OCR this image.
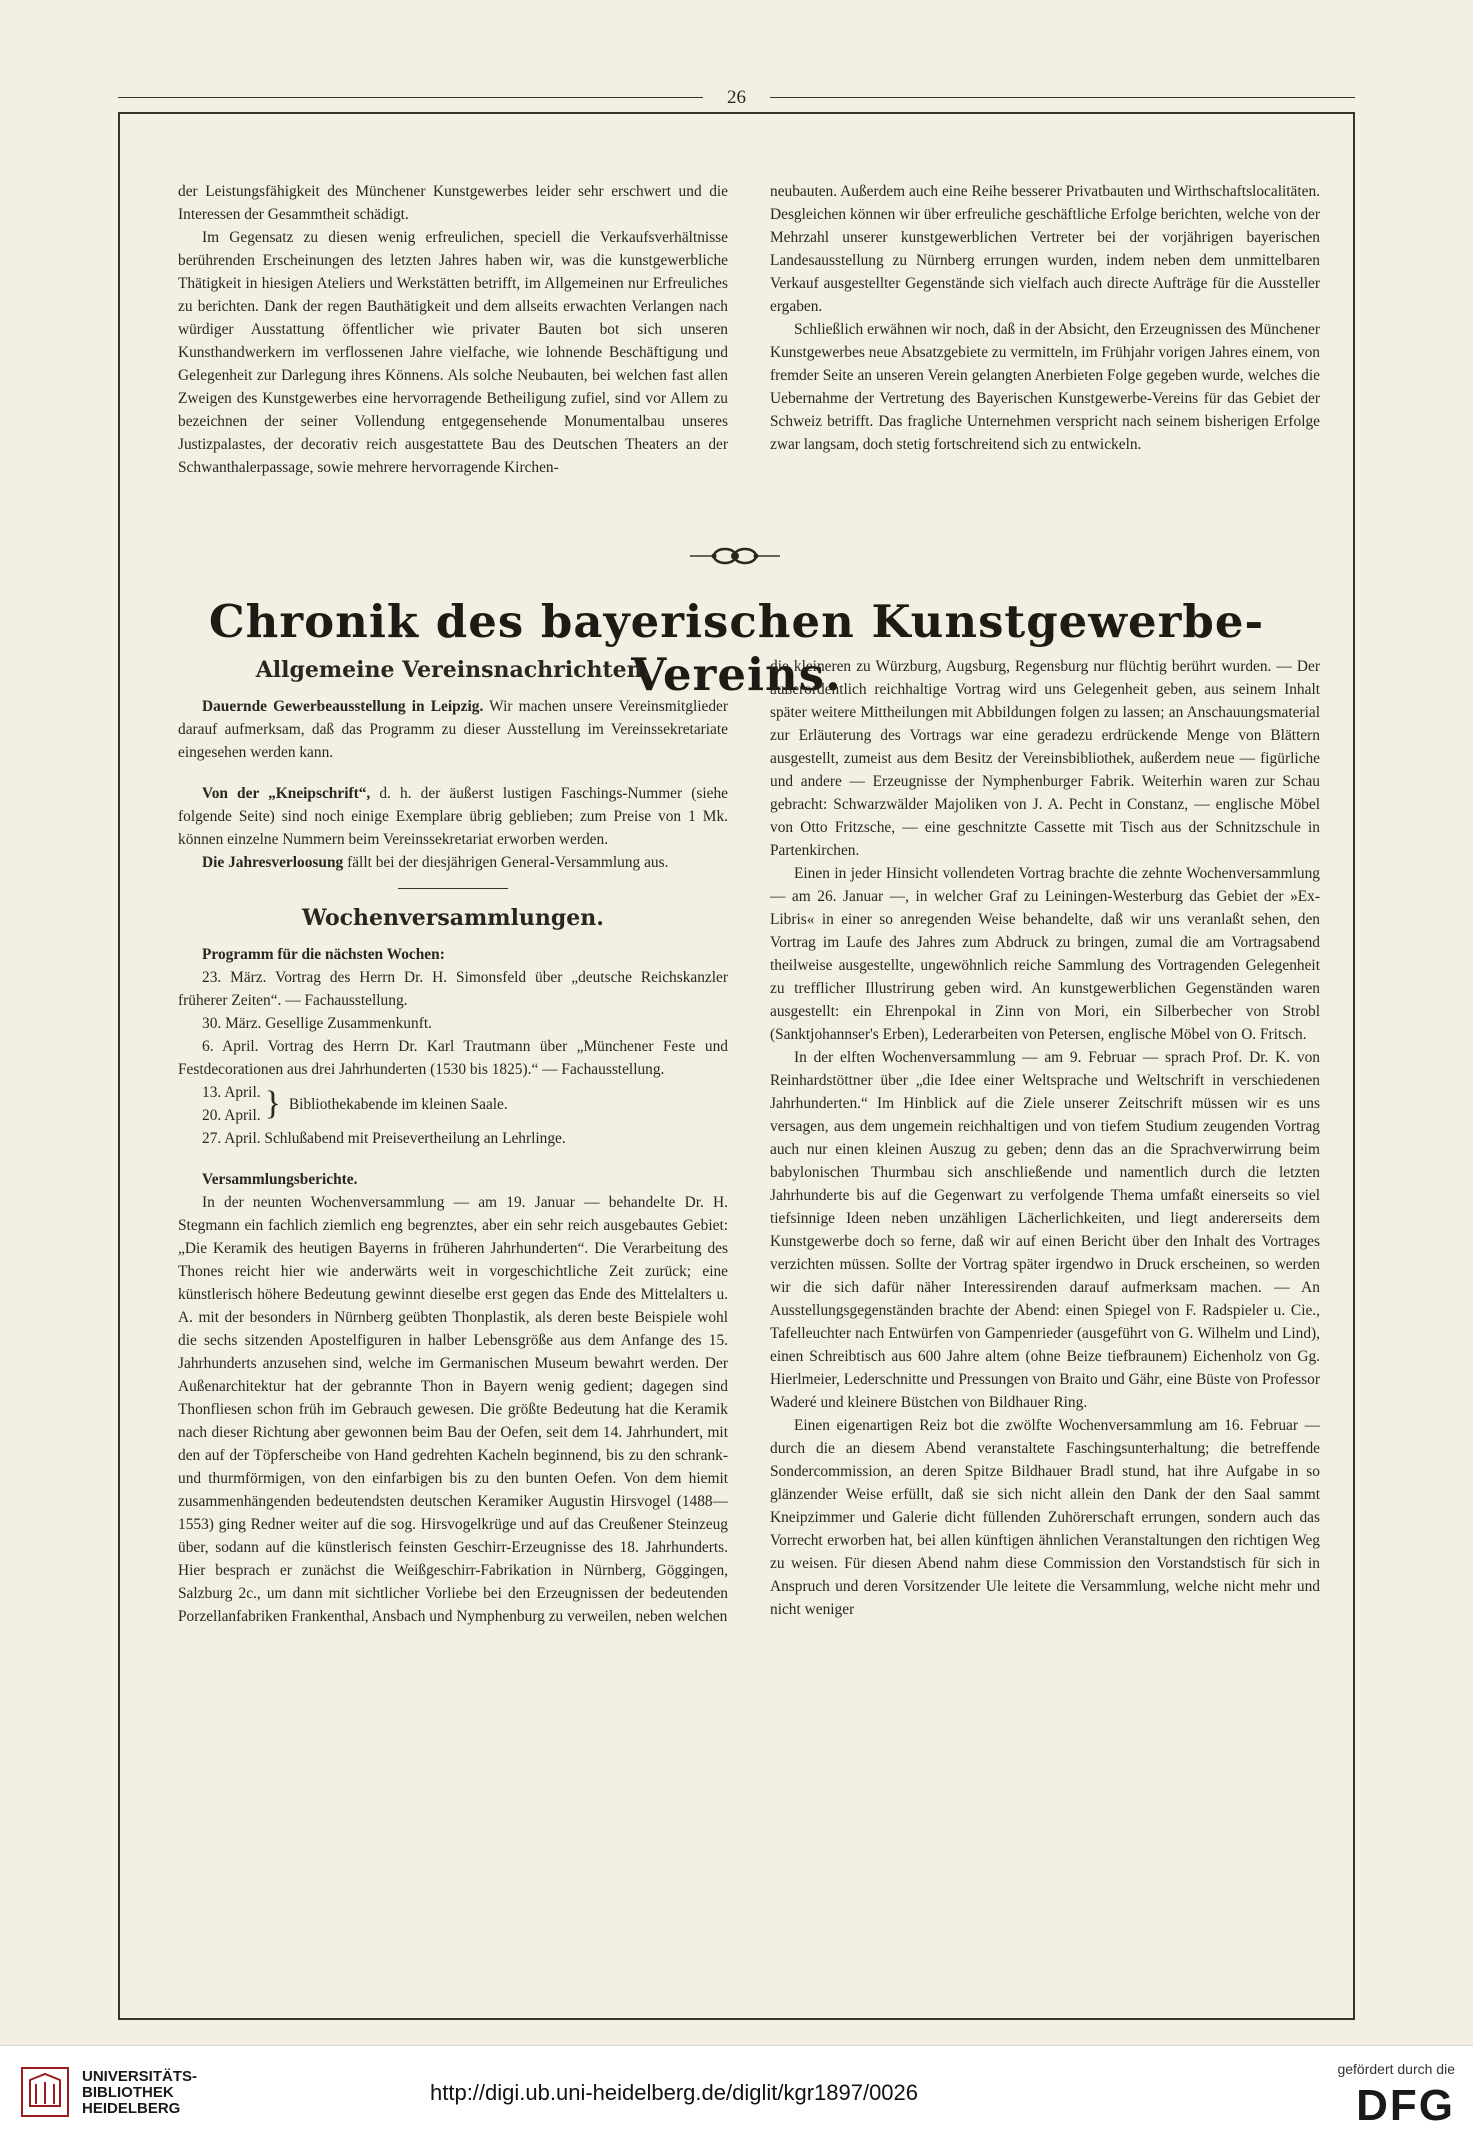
26

der Leistungsfähigkeit des Münchener Kunstgewerbes leider sehr erschwert und die Interessen der Gesammtheit schädigt.

Im Gegensatz zu diesen wenig erfreulichen, speciell die Verkaufsverhältnisse berührenden Erscheinungen des letzten Jahres haben wir, was die kunstgewerbliche Thätigkeit in hiesigen Ateliers und Werkstätten betrifft, im Allgemeinen nur Erfreuliches zu berichten. Dank der regen Bauthätigkeit und dem allseits erwachten Verlangen nach würdiger Ausstattung öffentlicher wie privater Bauten bot sich unseren Kunsthandwerkern im verflossenen Jahre vielfache, wie lohnende Beschäftigung und Gelegenheit zur Darlegung ihres Könnens. Als solche Neubauten, bei welchen fast allen Zweigen des Kunstgewerbes eine hervorragende Betheiligung zufiel, sind vor Allem zu bezeichnen der seiner Vollendung entgegensehende Monumentalbau unseres Justizpalastes, der decorativ reich ausgestattete Bau des Deutschen Theaters an der Schwanthalerpassage, sowie mehrere hervorragende Kirchen-

neubauten. Außerdem auch eine Reihe besserer Privatbauten und Wirthschaftslocalitäten. Desgleichen können wir über erfreuliche geschäftliche Erfolge berichten, welche von der Mehrzahl unserer kunstgewerblichen Vertreter bei der vorjährigen bayerischen Landesausstellung zu Nürnberg errungen wurden, indem neben dem unmittelbaren Verkauf ausgestellter Gegenstände sich vielfach auch directe Aufträge für die Aussteller ergaben.

Schließlich erwähnen wir noch, daß in der Absicht, den Erzeugnissen des Münchener Kunstgewerbes neue Absatzgebiete zu vermitteln, im Frühjahr vorigen Jahres einem, von fremder Seite an unseren Verein gelangten Anerbieten Folge gegeben wurde, welches die Uebernahme der Vertretung des Bayerischen Kunstgewerbe-Vereins für das Gebiet der Schweiz betrifft. Das fragliche Unternehmen verspricht nach seinem bisherigen Erfolge zwar langsam, doch stetig fortschreitend sich zu entwickeln.

Chronik des bayerischen Kunstgewerbe-Vereins.
Allgemeine Vereinsnachrichten.

Dauernde Gewerbeausstellung in Leipzig. Wir machen unsere Vereinsmitglieder darauf aufmerksam, daß das Programm zu dieser Ausstellung im Vereinssekretariate eingesehen werden kann.

Von der „Kneipschrift“, d. h. der äußerst lustigen Faschings-Nummer (siehe folgende Seite) sind noch einige Exemplare übrig geblieben; zum Preise von 1 Mk. können einzelne Nummern beim Vereinssekretariat erworben werden.

Die Jahresverloosung fällt bei der diesjährigen General-Versammlung aus.

Wochenversammlungen.

Programm für die nächsten Wochen:

23. März. Vortrag des Herrn Dr. H. Simonsfeld über „deutsche Reichskanzler früherer Zeiten“. — Fachausstellung.

30. März. Gesellige Zusammenkunft.

6. April. Vortrag des Herrn Dr. Karl Trautmann über „Münchener Feste und Festdecorationen aus drei Jahrhunderten (1530 bis 1825).“ — Fachausstellung.

13. April.
20. April. } Bibliothekabende im kleinen Saale.

27. April. Schlußabend mit Preisevertheilung an Lehrlinge.

Versammlungsberichte.

In der neunten Wochenversammlung — am 19. Januar — behandelte Dr. H. Stegmann ein fachlich ziemlich eng begrenztes, aber ein sehr reich ausgebautes Gebiet: „Die Keramik des heutigen Bayerns in früheren Jahrhunderten“. Die Verarbeitung des Thones reicht hier wie anderwärts weit in vorgeschichtliche Zeit zurück; eine künstlerisch höhere Bedeutung gewinnt dieselbe erst gegen das Ende des Mittelalters u. A. mit der besonders in Nürnberg geübten Thonplastik, als deren beste Beispiele wohl die sechs sitzenden Apostelfiguren in halber Lebensgröße aus dem Anfange des 15. Jahrhunderts anzusehen sind, welche im Germanischen Museum bewahrt werden. Der Außenarchitektur hat der gebrannte Thon in Bayern wenig gedient; dagegen sind Thonfliesen schon früh im Gebrauch gewesen. Die größte Bedeutung hat die Keramik nach dieser Richtung aber gewonnen beim Bau der Oefen, seit dem 14. Jahrhundert, mit den auf der Töpferscheibe von Hand gedrehten Kacheln beginnend, bis zu den schrank- und thurmförmigen, von den einfarbigen bis zu den bunten Oefen. Von dem hiemit zusammenhängenden bedeutendsten deutschen Keramiker Augustin Hirsvogel (1488—1553) ging Redner weiter auf die sog. Hirsvogelkrüge und auf das Creußener Steinzeug über, sodann auf die künstlerisch feinsten Geschirr-Erzeugnisse des 18. Jahrhunderts. Hier besprach er zunächst die Weißgeschirr-Fabrikation in Nürnberg, Göggingen, Salzburg 2c., um dann mit sichtlicher Vorliebe bei den Erzeugnissen der bedeutenden Porzellanfabriken Frankenthal, Ansbach und Nymphenburg zu verweilen, neben welchen

die kleineren zu Würzburg, Augsburg, Regensburg nur flüchtig berührt wurden. — Der außerordentlich reichhaltige Vortrag wird uns Gelegenheit geben, aus seinem Inhalt später weitere Mittheilungen mit Abbildungen folgen zu lassen; an Anschauungsmaterial zur Erläuterung des Vortrags war eine geradezu erdrückende Menge von Blättern ausgestellt, zumeist aus dem Besitz der Vereinsbibliothek, außerdem neue — figürliche und andere — Erzeugnisse der Nymphenburger Fabrik. Weiterhin waren zur Schau gebracht: Schwarzwälder Majoliken von J. A. Pecht in Constanz, — englische Möbel von Otto Fritzsche, — eine geschnitzte Cassette mit Tisch aus der Schnitzschule in Partenkirchen.

Einen in jeder Hinsicht vollendeten Vortrag brachte die zehnte Wochenversammlung — am 26. Januar —, in welcher Graf zu Leiningen-Westerburg das Gebiet der »Ex-Libris« in einer so anregenden Weise behandelte, daß wir uns veranlaßt sehen, den Vortrag im Laufe des Jahres zum Abdruck zu bringen, zumal die am Vortragsabend theilweise ausgestellte, ungewöhnlich reiche Sammlung des Vortragenden Gelegenheit zu trefflicher Illustrirung geben wird. An kunstgewerblichen Gegenständen waren ausgestellt: ein Ehrenpokal in Zinn von Mori, ein Silberbecher von Strobl (Sanktjohannser's Erben), Lederarbeiten von Petersen, englische Möbel von O. Fritsch.

In der elften Wochenversammlung — am 9. Februar — sprach Prof. Dr. K. von Reinhardstöttner über „die Idee einer Weltsprache und Weltschrift in verschiedenen Jahrhunderten.“ Im Hinblick auf die Ziele unserer Zeitschrift müssen wir es uns versagen, aus dem ungemein reichhaltigen und von tiefem Studium zeugenden Vortrag auch nur einen kleinen Auszug zu geben; denn das an die Sprachverwirrung beim babylonischen Thurmbau sich anschließende und namentlich durch die letzten Jahrhunderte bis auf die Gegenwart zu verfolgende Thema umfaßt einerseits so viel tiefsinnige Ideen neben unzähligen Lächerlichkeiten, und liegt andererseits dem Kunstgewerbe doch so ferne, daß wir auf einen Bericht über den Inhalt des Vortrages verzichten müssen. Sollte der Vortrag später irgendwo in Druck erscheinen, so werden wir die sich dafür näher Interessirenden darauf aufmerksam machen. — An Ausstellungsgegenständen brachte der Abend: einen Spiegel von F. Radspieler u. Cie., Tafelleuchter nach Entwürfen von Gampenrieder (ausgeführt von G. Wilhelm und Lind), einen Schreibtisch aus 600 Jahre altem (ohne Beize tiefbraunem) Eichenholz von Gg. Hierlmeier, Lederschnitte und Pressungen von Braito und Gähr, eine Büste von Professor Waderé und kleinere Büstchen von Bildhauer Ring.

Einen eigenartigen Reiz bot die zwölfte Wochenversammlung am 16. Februar — durch die an diesem Abend veranstaltete Faschingsunterhaltung; die betreffende Sondercommission, an deren Spitze Bildhauer Bradl stund, hat ihre Aufgabe in so glänzender Weise erfüllt, daß sie sich nicht allein den Dank der den Saal sammt Kneipzimmer und Galerie dicht füllenden Zuhörerschaft errungen, sondern auch das Vorrecht erworben hat, bei allen künftigen ähnlichen Veranstaltungen den richtigen Weg zu weisen. Für diesen Abend nahm diese Commission den Vorstandstisch für sich in Anspruch und deren Vorsitzender Ule leitete die Versammlung, welche nicht mehr und nicht weniger

UNIVERSITÄTS-
BIBLIOTHEK
HEIDELBERG
http://digi.ub.uni-heidelberg.de/diglit/kgr1897/0026
gefördert durch die
DFG
